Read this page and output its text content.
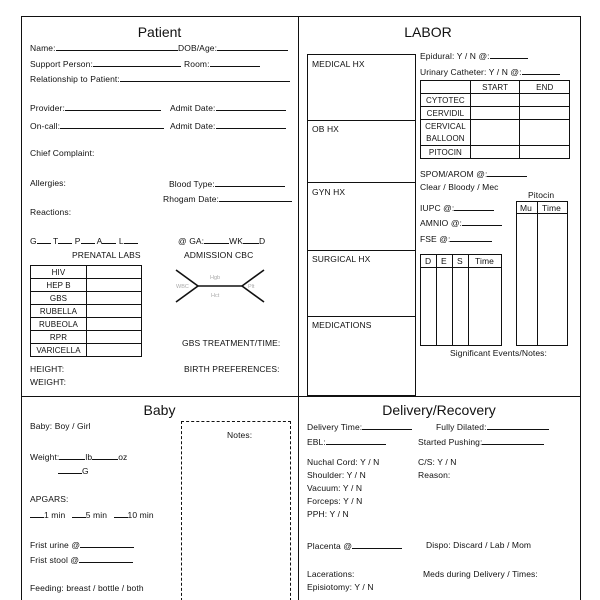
Patient
Name:	DOB/Age:
Support Person:	Room:
Relationship to Patient:
Provider:	Admit Date:
On-call:	Admit Date:
Chief Complaint:
Allergies:	Blood Type:
Rhogam Date:
Reactions:
G T P A L	@ GA:	WK D
PRENATAL LABS	ADMISSION CBC
HIV	
HEP B	
GBS	
RUBELLA	
RUBEOLA	
RPR	
VARICELLA	
Hgb
Hct
WBC	Plt
GBS TREATMENT/TIME:
HEIGHT:	BIRTH PREFERENCES:
WEIGHT:
LABOR
MEDICAL HX
OB HX
GYN HX
SURGICAL HX
MEDICATIONS
Epidural: Y / N @:
Urinary Catheter: Y / N @:
	START	END
CYTOTEC		
CERVIDIL		
CERVICAL BALLOON		
PITOCIN		
SPOM/AROM @:
Clear / Bloody / Mec
Pitocin
Mu Time
IUPC @:
AMNIO @:
FSE @:
D E S Time
Significant Events/Notes:
Baby
Baby: Boy / Girl
Weight:	lb	oz
G
APGARS:
1 min 5 min 10 min
Frist urine @
Frist stool @
Feeding: breast / bottle / both
Notes:
Delivery/Recovery
Delivery Time:	Fully Dilated:
EBL:	Started Pushing:
Nuchal Cord: Y / N	C/S: Y / N
Shoulder: Y / N	Reason:
Vacuum: Y / N
Forceps: Y / N
PPH: Y / N
Placenta @	Dispo: Discard / Lab / Mom
Lacerations:	Meds during Delivery / Times:
Episiotomy: Y / N
